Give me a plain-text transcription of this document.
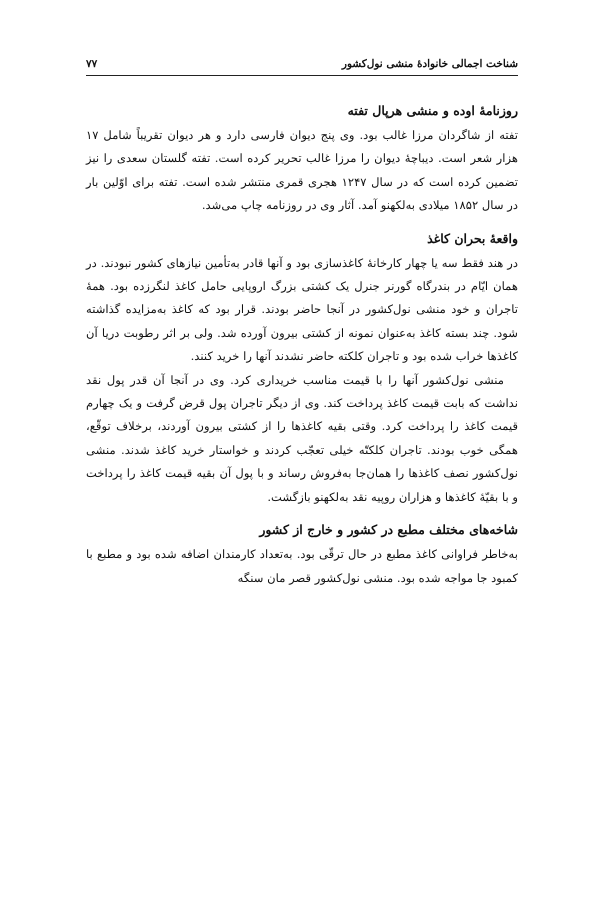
شناخت اجمالی خانوادۀ منشی نول‌کشور
۷۷
روزنامۀ اوده و منشی هرپال تفته

تفته از شاگردان مرزا غالب بود. وی پنج دیوان فارسی دارد و هر دیوان تقریباً شامل ۱۷ هزار شعر است. دیباچۀ دیوان را مرزا غالب تحریر کرده است. تفته گلستان سعدی را نیز تضمین کرده است که در سال ۱۲۴۷ هجری قمری منتشر شده است. تفته برای اوّلین بار در سال ۱۸۵۲ میلادی به‌لکهنو آمد. آثار وی در روزنامه چاپ می‌شد.

واقعۀ بحران کاغذ

در هند فقط سه یا چهار کارخانۀ کاغذسازی بود و آنها قادر به‌تأمین نیازهای کشور نبودند. در همان ایّام در بندرگاه گورنر جنرل یک کشتی بزرگ اروپایی حامل کاغذ لنگرزده بود. همۀ تاجران و خود منشی نول‌کشور در آنجا حاضر بودند. قرار بود که کاغذ به‌مزایده گذاشته شود. چند بسته کاغذ به‌عنوان نمونه از کشتی بیرون آورده شد. ولی بر اثر رطوبت دریا آن کاغذها خراب شده بود و تاجران کلکته حاضر نشدند آنها را خرید کنند.

منشی نول‌کشور آنها را با قیمت مناسب خریداری کرد. وی در آنجا آن قدر پول نقد نداشت که بابت قیمت کاغذ پرداخت کند. وی از دیگر تاجران پول قرض گرفت و یک چهارم قیمت کاغذ را پرداخت کرد. وقتی بقیه کاغذها را از کشتی بیرون آوردند، برخلاف توقّع، همگی خوب بودند. تاجران کلکتّه خیلی تعجّب کردند و خواستار خرید کاغذ شدند. منشی نول‌کشور نصف کاغذها را همان‌جا به‌فروش رساند و با پول آن بقیه قیمت کاغذ را پرداخت و با بقیّۀ کاغذها و هزاران روپیه نقد به‌لکهنو بازگشت.

شاخه‌های مختلف مطبع در کشور و خارج از کشور

به‌خاطر فراوانی کاغذ مطبع در حال ترقّی بود. به‌تعداد کارمندان اضافه شده بود و مطبع با کمبود جا مواجه شده بود. منشی نول‌کشور قصر مان سنگه
